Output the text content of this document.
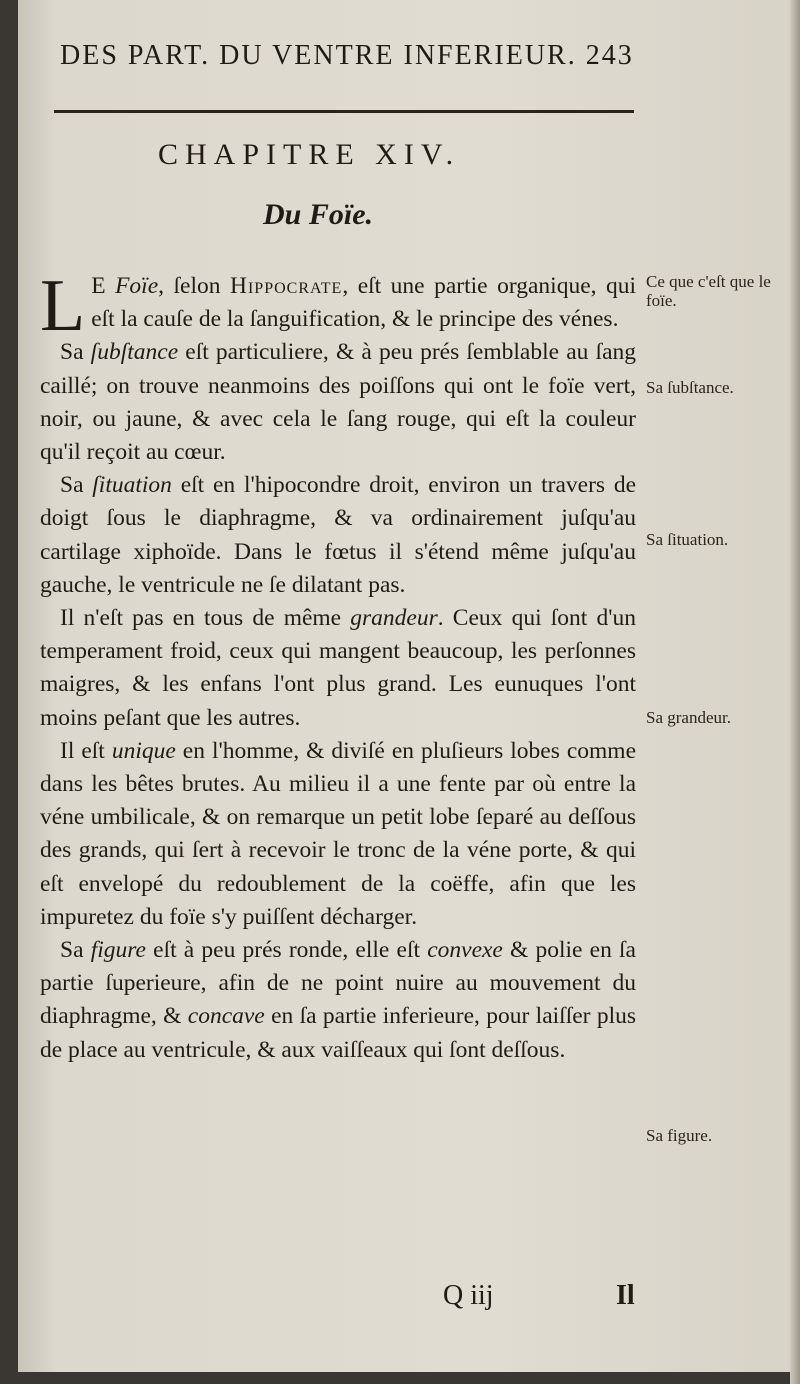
DES PART. DU VENTRE INFERIEUR. 243
CHAPITRE XIV.
Du Foïe.

L E Foïe, ſelon Hippocrate, eſt une partie organique, qui eſt la cauſe de la ſanguification, & le principe des vénes.

Sa ſubſtance eſt particuliere, & à peu prés ſemblable au ſang caillé; on trouve neanmoins des poiſſons qui ont le foïe vert, noir, ou jaune, & avec cela le ſang rouge, qui eſt la couleur qu'il reçoit au cœur.

Sa ſituation eſt en l'hipocondre droit, environ un travers de doigt ſous le diaphragme, & va ordinairement juſqu'au cartilage xiphoïde. Dans le fœtus il s'étend même juſqu'au gauche, le ventricule ne ſe dilatant pas.

Il n'eſt pas en tous de même grandeur. Ceux qui ſont d'un temperament froid, ceux qui mangent beaucoup, les perſonnes maigres, & les enfans l'ont plus grand. Les eunuques l'ont moins peſant que les autres.

Il eſt unique en l'homme, & diviſé en pluſieurs lobes comme dans les bêtes brutes. Au milieu il a une fente par où entre la véne umbilicale, & on remarque un petit lobe ſeparé au deſſous des grands, qui ſert à recevoir le tronc de la véne porte, & qui eſt envelopé du redoublement de la coëffe, afin que les impuretez du foïe s'y puiſſent décharger.

Sa figure eſt à peu prés ronde, elle eſt convexe & polie en ſa partie ſuperieure, afin de ne point nuire au mouvement du diaphragme, & concave en ſa partie inferieure, pour laiſſer plus de place au ventricule, & aux vaiſſeaux qui ſont deſſous.

Ce que c'eſt que le foïe.
Sa ſubſtance.
Sa ſituation.
Sa grandeur.
Sa figure.
Q iij	Il
